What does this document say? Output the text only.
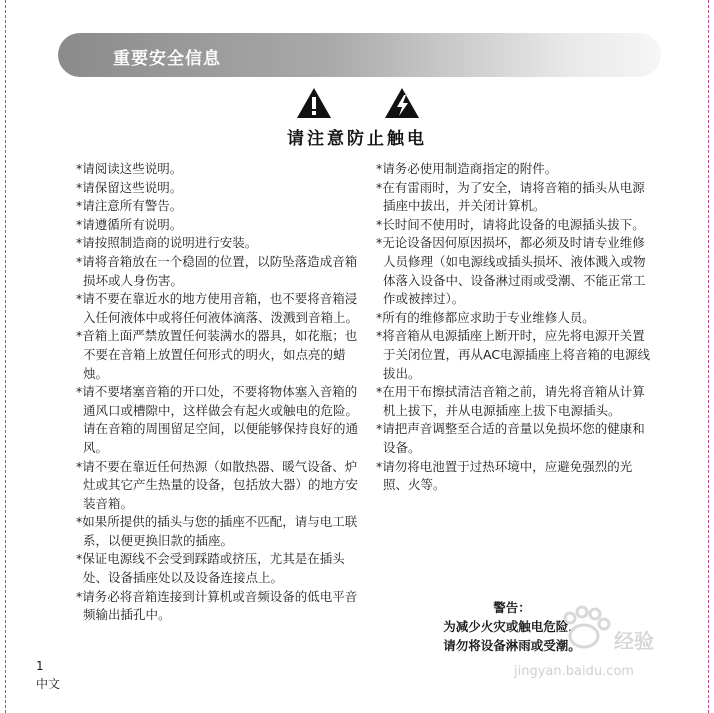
重要安全信息
请注意防止触电
*请阅读这些说明。
*请保留这些说明。
*请注意所有警告。
*请遵循所有说明。
*请按照制造商的说明进行安装。
*请将音箱放在一个稳固的位置，以防坠落造成音箱损坏或人身伤害。
*请不要在靠近水的地方使用音箱，也不要将音箱浸入任何液体中或将任何液体滴落、泼溅到音箱上。
*音箱上面严禁放置任何装满水的器具，如花瓶；也不要在音箱上放置任何形式的明火，如点亮的蜡烛。
*请不要堵塞音箱的开口处，不要将物体塞入音箱的通风口或槽隙中，这样做会有起火或触电的危险。请在音箱的周围留足空间，以便能够保持良好的通风。
*请不要在靠近任何热源（如散热器、暖气设备、炉灶或其它产生热量的设备，包括放大器）的地方安装音箱。
*如果所提供的插头与您的插座不匹配，请与电工联系，以便更换旧款的插座。
*保证电源线不会受到踩踏或挤压，尤其是在插头处、设备插座处以及设备连接点上。
*请务必将音箱连接到计算机或音频设备的低电平音频输出插孔中。
*请务必使用制造商指定的附件。
*在有雷雨时，为了安全，请将音箱的插头从电源插座中拔出，并关闭计算机。
*长时间不使用时，请将此设备的电源插头拔下。
*无论设备因何原因损坏，都必须及时请专业维修人员修理（如电源线或插头损坏、液体溅入或物体落入设备中、设备淋过雨或受潮、不能正常工作或被摔过）。
*所有的维修都应求助于专业维修人员。
*将音箱从电源插座上断开时，应先将电源开关置于关闭位置，再从AC电源插座上将音箱的电源线拔出。
*在用干布擦拭清洁音箱之前，请先将音箱从计算机上拔下，并从电源插座上拔下电源插头。
*请把声音调整至合适的音量以免损坏您的健康和设备。
*请勿将电池置于过热环境中，应避免强烈的光照、火等。
警告：
为减少火灾或触电危险，
请勿将设备淋雨或受潮。	经验
jingyan.baidu.com
1
中文
